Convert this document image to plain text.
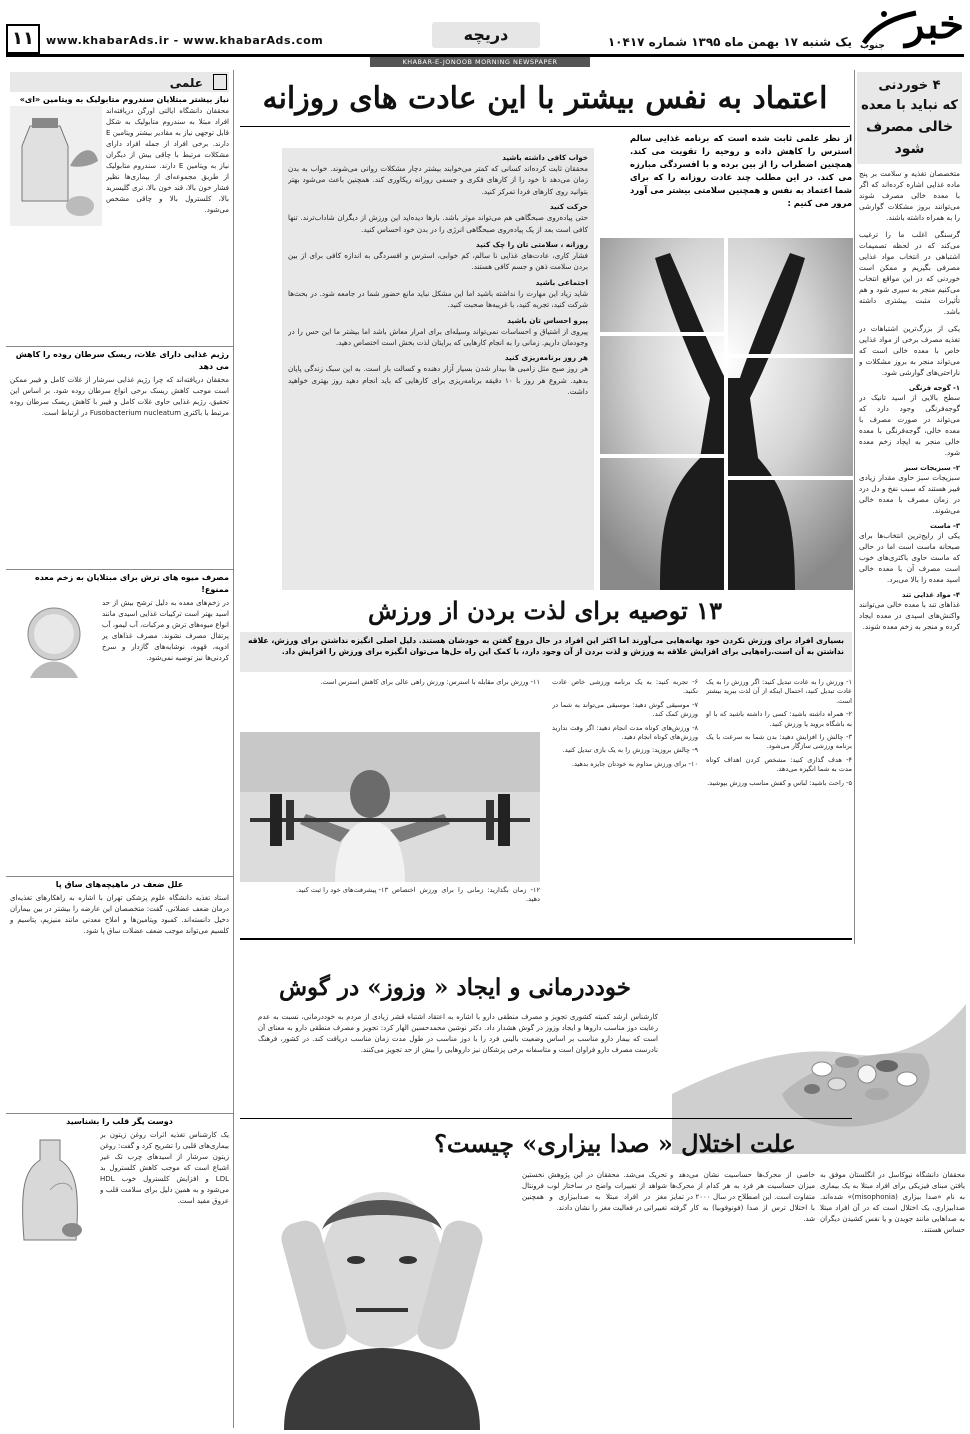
خبر
جنوب
یک شنبه ۱۷ بهمن ماه ۱۳۹۵ شماره ۱۰۴۱۷
دریچه
www.khabarAds.ir - www.khabarAds.com
۱۱
KHABAR-E-JONOOB MORNING NEWSPAPER
۴ خوردنی
که نباید با معده
خالی مصرف شود

متخصصان تغذیه و سلامت بر پنج ماده غذایی اشاره کرده‌اند که اگر با معده خالی مصرف شوند می‌توانند بروز مشکلات گوارشی را به همراه داشته باشند.

گرسنگی اغلب ما را ترغیب می‌کند که در لحظه تصمیمات اشتباهی در انتخاب مواد غذایی مصرفی بگیریم و ممکن است خوردنی که در این مواقع انتخاب می‌کنیم منجر به سیری شود و هم تأثیرات مثبت بیشتری داشته باشد.

یکی از بزرگ‌ترین اشتباهات در تغذیه مصرف برخی از مواد غذایی خاص با معده خالی است که می‌تواند منجر به بروز مشکلات و ناراحتی‌های گوارشی شود.

۱- گوجه فرنگی

سطح بالایی از اسید تانیک در گوجه‌فرنگی وجود دارد که می‌تواند در صورت مصرف با معده خالی، گوجه‌فرنگی با معده خالی منجر به ایجاد زخم معده شود.

۲- سبزیجات سبز

سبزیجات سبز حاوی مقدار زیادی فیبر هستند که سبب نفخ و دل درد در زمان مصرف با معده خالی می‌شوند.

۳- ماست

یکی از رایج‌ترین انتخاب‌ها برای صبحانه ماست است اما در حالی که ماست حاوی باکتری‌های خوب است مصرف آن با معده خالی اسید معده را بالا می‌برد.

۴- مواد غذایی تند

غذاهای تند با معده خالی می‌توانند واکنش‌های اسیدی در معده ایجاد کرده و منجر به زخم معده شوند.

اعتماد به نفس بیشتر با این عادت های روزانه

از نظر علمی ثابت شده است که برنامه غذایی سالم استرس را کاهش داده و روحیه را تقویت می کند. همچنین اضطراب را از بین برده و با افسردگی مبارزه می کند. در این مطلب چند عادت روزانه را که برای شما اعتماد به نفس و همچنین سلامتی بیشتر می آورد مرور می کنیم :

خواب کافی داشته باشید

محققان ثابت کرده‌اند کسانی که کمتر می‌خوابند بیشتر دچار مشکلات روانی می‌شوند. خواب به بدن زمان می‌دهد تا خود را از کارهای فکری و جسمی روزانه ریکاوری کند. همچنین باعث می‌شود بهتر بتوانید روی کارهای فردا تمرکز کنید.

حرکت کنید

حتی پیاده‌روی صبحگاهی هم می‌تواند موثر باشد. بارها دیده‌اید این ورزش از دیگران شاداب‌ترند. تنها کافی است بعد از یک پیاده‌روی صبحگاهی انرژی را در بدن خود احساس کنید.

روزانه ، سلامتی تان را چک کنید

فشار کاری، عادت‌های غذایی نا سالم، کم خوابی، استرس و افسردگی به اندازه کافی برای از بین بردن سلامت ذهن و جسم کافی هستند.

اجتماعی باشید

شاید زیاد این مهارت را نداشته باشید اما این مشکل نباید مانع حضور شما در جامعه شود. در بحث‌ها شرکت کنید، تجربه کنید، با غریبه‌ها صحبت کنید.

پیرو احساس تان باشید

پیروی از اشتیاق و احساسات نمی‌تواند وسیله‌ای برای امرار معاش باشد اما بیشتر ما این حس را در وجودمان داریم. زمانی را به انجام کارهایی که برایتان لذت بخش است اختصاص دهید.

هر روز برنامه‌ریزی کنید

هر روز صبح مثل زامبی ها بیدار شدن بسیار آزار دهنده و کسالت بار است. به این سبک زندگی پایان بدهید. شروع هر روز با ۱۰ دقیقه برنامه‌ریزی برای کارهایی که باید انجام دهید روز بهتری خواهید داشت.

۱۳ توصیه برای لذت بردن از ورزش

بسیاری افراد برای ورزش نکردن خود بهانه‌هایی می‌آورند اما اکثر این افراد در حال دروغ گفتن به خودشان هستند. دلیل اصلی انگیزه نداشتن برای ورزش، علاقه نداشتن به آن است.راه‌هایی برای افزایش علاقه به ورزش و لذت بردن از آن وجود دارد، با کمک این راه حل‌ها می‌توان انگیزه برای ورزش را افزایش داد.

۱- ورزش را به عادت تبدیل کنید: اگر ورزش را به یک عادت تبدیل کنید، احتمال اینکه از آن لذت ببرید بیشتر است.

۲- همراه داشته باشید: کسی را داشته باشید که با او به باشگاه بروید یا ورزش کنید.

۳- چالش را افزایش دهید: بدن شما به سرعت با یک برنامه ورزشی سازگار می‌شود.

۴- هدف گذاری کنید: مشخص کردن اهداف کوتاه مدت به شما انگیزه می‌دهد.

۵- راحت باشید: لباس و کفش مناسب ورزش بپوشید.

۶- تجربه کنید: به یک برنامه ورزشی خاص عادت نکنید.

۷- موسیقی گوش دهید: موسیقی می‌تواند به شما در ورزش کمک کند.

۸- ورزش‌های کوتاه مدت انجام دهید: اگر وقت ندارید ورزش‌های کوتاه انجام دهید.

۹- چالش بروزید: ورزش را به یک بازی تبدیل کنید.

۱۰- برای ورزش مداوم به خودتان جایزه بدهید.

۱۱- ورزش برای مقابله با استرس: ورزش راهی عالی برای کاهش استرس است.

۱۲- زمان بگذارید: زمانی را برای ورزش اختصاص دهید.

۱۳- پیشرفت‌های خود را ثبت کنید.

خوددرمانی و ایجاد « وزوز» در گوش

کارشناس ارشد کمیته کشوری تجویز و مصرف منطقی دارو با اشاره به اعتقاد اشتباه قشر زیادی از مردم به خوددرمانی، نسبت به عدم رعایت دوز مناسب داروها و ایجاد وزوز در گوش هشدار داد. دکتر نوشین محمدحسین الهار کرد: تجویز و مصرف منطقی دارو به معنای آن است که بیمار دارو مناسب بر اساس وضعیت بالینی فرد را با دوز مناسب در طول مدت زمان مناسب دریافت کند. در کشور، فرهنگ نادرست مصرف دارو فراوان است و متاسفانه برخی پزشکان نیز داروهایی را بیش از حد تجویز می‌کنند.

علت اختلال « صدا بیزاری» چیست؟

محققان دانشگاه نیوکاسل در انگلستان موفق به یافتن مبنای فیزیکی برای افراد مبتلا به یک بیماری به نام «صدا بیزاری (misophonia)» شده‌اند. صدابیزاری، یک اختلال است که در آن افراد مبتلا به صداهایی مانند جویدن و یا نفس کشیدن دیگران حساس هستند.

خاصی از محرک‌ها حساسیت نشان می‌دهد و میزان حساسیت هر فرد به هر کدام از محرک‌ها متفاوت است. این اصطلاح در سال ۲۰۰۰ در تمایز با اختلال ترس از صدا (فونوفوبیا) به کار گرفته شد.

تحریک می‌شد. محققان در این پژوهش نخستین شواهد از تغییرات واضح در ساختار لوب فرونتال مغز در افراد مبتلا به صدابیزاری و همچنین تغییراتی در فعالیت مغز را نشان دادند.

علمی
نیاز بیشتر مبتلایان سندروم متابولیک به ویتامین «ای»

محققان دانشگاه ایالتی اورگن دریافته‌اند افراد مبتلا به سندروم متابولیک به شکل قابل توجهی نیاز به مقادیر بیشتر ویتامین E دارند. برخی افراد از جمله افراد دارای مشکلات مرتبط با چاقی بیش از دیگران نیاز به ویتامین E دارند. سندروم متابولیک از طریق مجموعه‌ای از بیماری‌ها نظیر فشار خون بالا، قند خون بالا، تری گلیسرید بالا، کلسترول بالا و چاقی مشخص می‌شود.

رژیم غذایی دارای غلات، ریسک سرطان روده را کاهش می دهد

محققان دریافته‌اند که چرا رژیم غذایی سرشار از غلات کامل و فیبر ممکن است موجب کاهش ریسک برخی انواع سرطان روده شود. بر اساس این تحقیق، رژیم غذایی حاوی غلات کامل و فیبر با کاهش ریسک سرطان روده مرتبط با باکتری Fusobacterium nucleatum در ارتباط است.

مصرف میوه های ترش برای مبتلایان به زخم معده ممنوع!

در زخم‌های معده به دلیل ترشح بیش از حد اسید بهتر است ترکیبات غذایی اسیدی مانند انواع میوه‌های ترش و مرکبات، آب لیمو، آب پرتقال مصرف نشوند. مصرف غذاهای پر ادویه، قهوه، نوشابه‌های گازدار و سرخ کردنی‌ها نیز توصیه نمی‌شود.

علل ضعف در ماهیچه‌های ساق پا

استاد تغذیه دانشگاه علوم پزشکی تهران با اشاره به راهکارهای تغذیه‌ای درمان ضعف عضلانی، گفت: متخصصان این عارضه را بیشتر در بین بیماران دخیل دانسته‌اند. کمبود ویتامین‌ها و املاح معدنی مانند منیزیم، پتاسیم و کلسیم می‌تواند موجب ضعف عضلات ساق پا شود.

دوست یگر قلب را بشناسید

یک کارشناس تغذیه اثرات روغن زیتون بر بیماری‌های قلبی را تشریح کرد و گفت: روغن زیتون سرشار از اسیدهای چرب تک غیر اشباع است که موجب کاهش کلسترول بد LDL و افزایش کلسترول خوب HDL می‌شود و به همین دلیل برای سلامت قلب و عروق مفید است.
